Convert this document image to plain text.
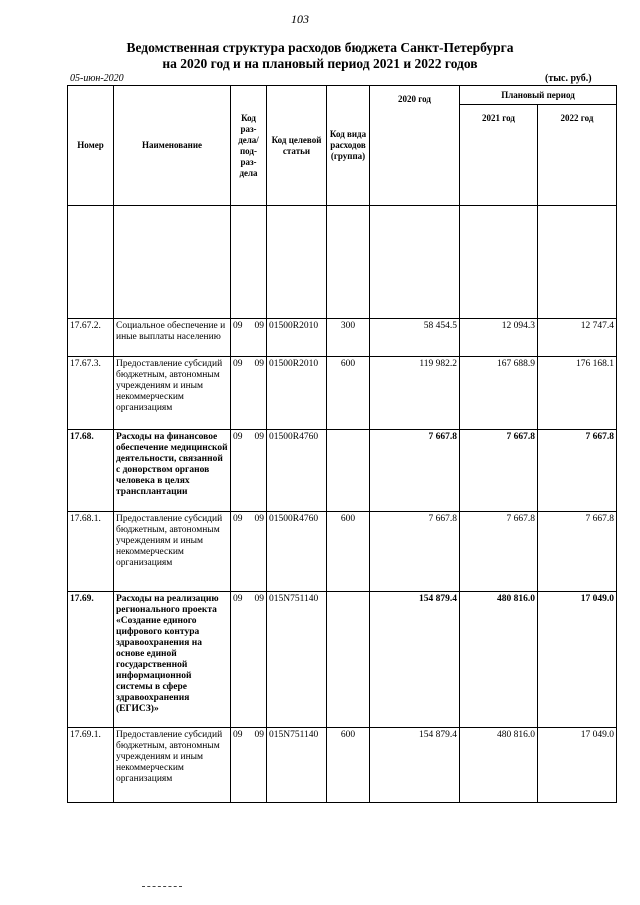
103
Ведомственная структура расходов бюджета Санкт-Петербурга
на 2020 год и на плановый период 2021 и 2022 годов
05-июн-2020	(тыс. руб.)
Номер	Наименование	Код раз- дела/ под- раз- дела	Код целевой статьи	Код вида расходов (группа)	2020 год	Плановый период	
						2021 год	2022 год

17.67.2.	Социальное обеспечение и иные выплаты населению	09 09	01500R2010	300	58 454.5	12 094.3	12 747.4
17.67.3.	Предоставление субсидий бюджетным, автономным учреждениям и иным некоммерческим организациям	09 09	01500R2010	600	119 982.2	167 688.9	176 168.1
17.68.	Расходы на финансовое обеспечение медицинской деятельности, связанной с донорством органов человека в целях трансплантации	09 09	01500R4760		7 667.8	7 667.8	7 667.8
17.68.1.	Предоставление субсидий бюджетным, автономным учреждениям и иным некоммерческим организациям	09 09	01500R4760	600	7 667.8	7 667.8	7 667.8
17.69.	Расходы на реализацию регионального проекта «Создание единого цифрового контура здравоохранения на основе единой государственной информационной системы в сфере здравоохранения (ЕГИСЗ)»	09 09	015N751140		154 879.4	480 816.0	17 049.0
17.69.1.	Предоставление субсидий бюджетным, автономным учреждениям и иным некоммерческим организациям	09 09	015N751140	600	154 879.4	480 816.0	17 049.0
